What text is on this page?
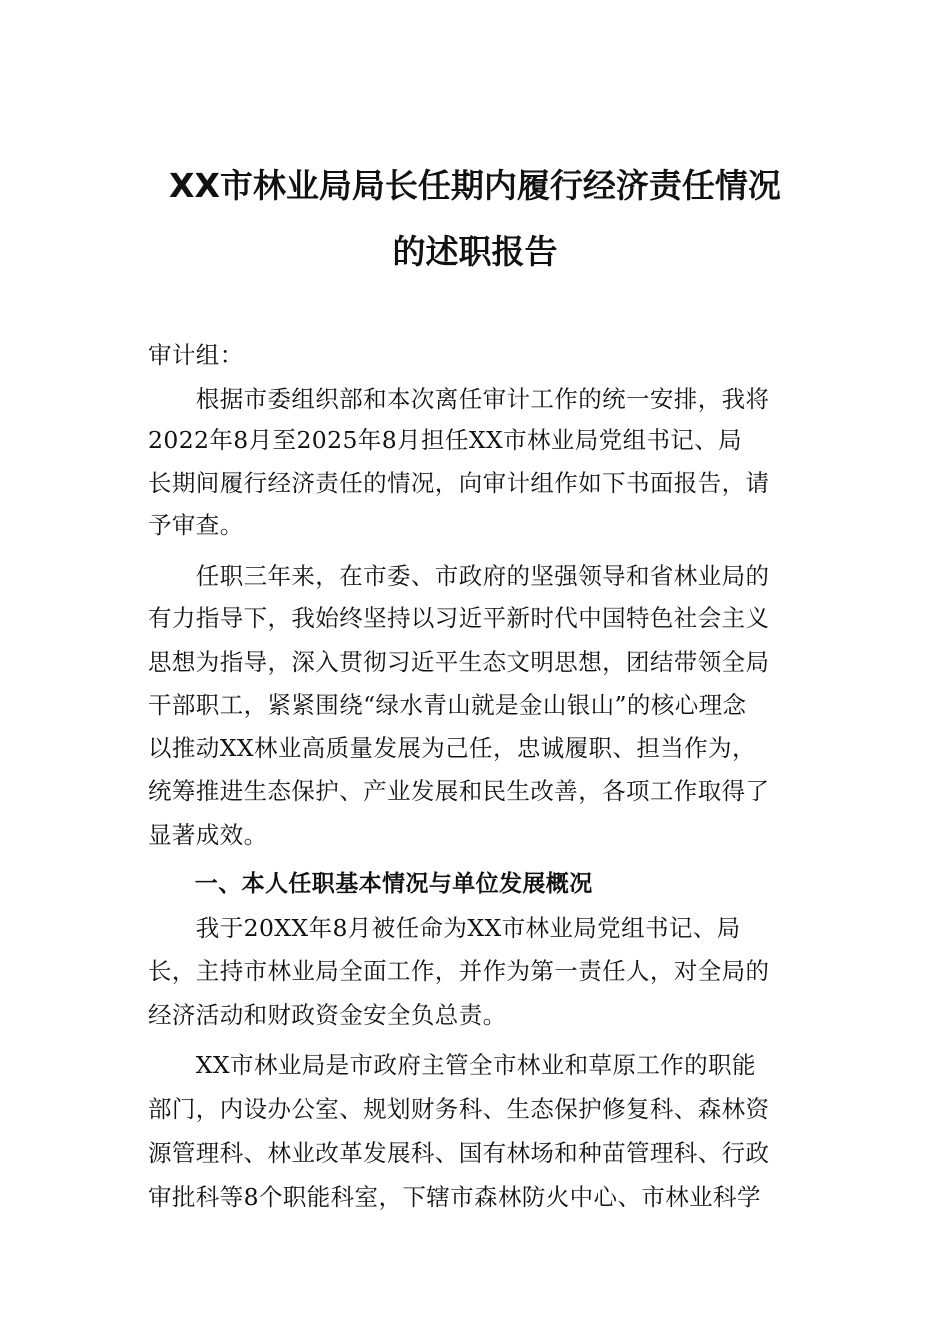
XX市林业局局长任期内履行经济责任情况
的述职报告
审计组：
　　根据市委组织部和本次离任审计工作的统一安排，我将
2022年8月至2025年8月担任XX市林业局党组书记、局
长期间履行经济责任的情况，向审计组作如下书面报告，请
予审查。
　　任职三年来，在市委、市政府的坚强领导和省林业局的
有力指导下，我始终坚持以习近平新时代中国特色社会主义
思想为指导，深入贯彻习近平生态文明思想，团结带领全局
干部职工，紧紧围绕“绿水青山就是金山银山”的核心理念
以推动XX林业高质量发展为己任，忠诚履职、担当作为，
统筹推进生态保护、产业发展和民生改善，各项工作取得了
显著成效。
　　一、本人任职基本情况与单位发展概况
　　我于20XX年8月被任命为XX市林业局党组书记、局
长，主持市林业局全面工作，并作为第一责任人，对全局的
经济活动和财政资金安全负总责。
　　XX市林业局是市政府主管全市林业和草原工作的职能
部门，内设办公室、规划财务科、生态保护修复科、森林资
源管理科、林业改革发展科、国有林场和种苗管理科、行政
审批科等8个职能科室，下辖市森林防火中心、市林业科学
